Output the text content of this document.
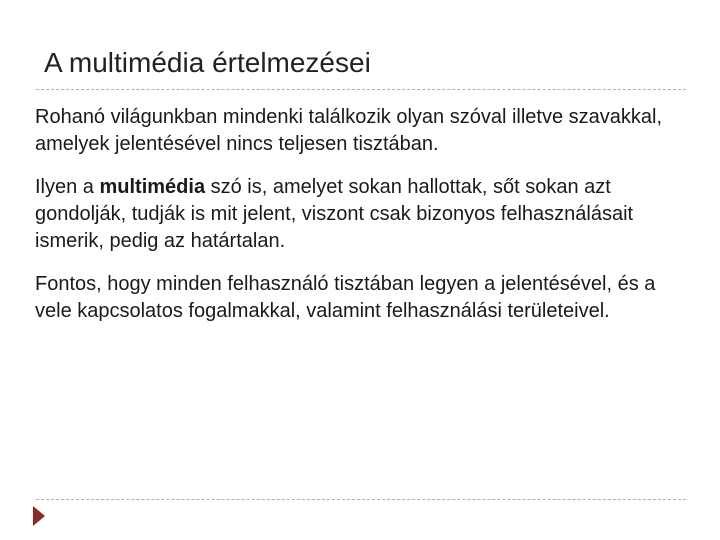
A multimédia értelmezései

Rohanó világunkban mindenki találkozik olyan szóval illetve szavakkal, amelyek jelentésével nincs teljesen tisztában.

Ilyen a multimédia szó is, amelyet sokan hallottak, sőt sokan azt gondolják, tudják is mit jelent, viszont csak bizonyos felhasználásait ismerik, pedig az határtalan.

Fontos, hogy minden felhasználó tisztában legyen a jelentésével, és a vele kapcsolatos fogalmakkal, valamint felhasználási területeivel.
